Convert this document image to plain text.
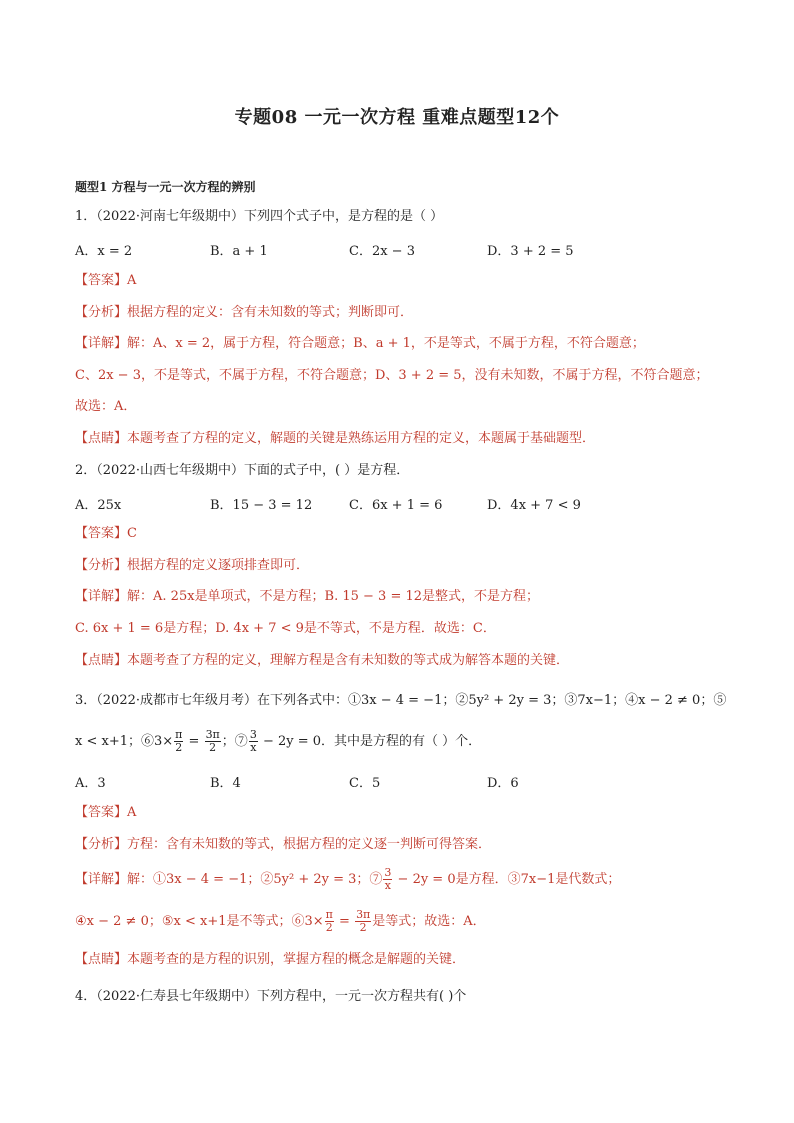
专题08 一元一次方程 重难点题型12个
题型1 方程与一元一次方程的辨别
1．（2022·河南七年级期中）下列四个式子中，是方程的是（ ）
A．x = 2	B．a + 1	C．2x − 3	D．3 + 2 = 5
【答案】A
【分析】根据方程的定义：含有未知数的等式；判断即可．
【详解】解：A、x = 2，属于方程，符合题意；B、a + 1，不是等式，不属于方程，不符合题意；
C、2x − 3，不是等式，不属于方程，不符合题意；D、3 + 2 = 5，没有未知数，不属于方程，不符合题意；
故选：A．
【点睛】本题考查了方程的定义，解题的关键是熟练运用方程的定义，本题属于基础题型．
2．（2022·山西七年级期中）下面的式子中，( ）是方程．
A．25x	B．15 − 3 = 12	C．6x + 1 = 6	D．4x + 7 < 9
【答案】C
【分析】根据方程的定义逐项排查即可．
【详解】解：A. 25x是单项式，不是方程；B. 15 − 3 = 12是整式，不是方程；
C. 6x + 1 = 6是方程；D. 4x + 7 < 9是不等式，不是方程．故选：C．
【点睛】本题考查了方程的定义，理解方程是含有未知数的等式成为解答本题的关键．
3．（2022·成都市七年级月考）在下列各式中：①3x − 4 = −1；②5y² + 2y = 3；③7x−1；④x − 2 ≠ 0；⑤
x < x+1；⑥3× $\frac{\pi}{2} = \frac{3\pi}{2}$ ；⑦ $\frac{3}{x} - 2y = 0$．其中是方程的有（ ）个．
A．3	B．4	C．5	D．6
【答案】A
【分析】方程：含有未知数的等式，根据方程的定义逐一判断可得答案．
【详解】解：①3x − 4 = −1；②5y² + 2y = 3；⑦ $\frac{3}{x} - 2y = 0$是方程．③7x−1是代数式；
④x − 2 ≠ 0；⑤x < x+1是不等式；⑥3× $\frac{\pi}{2} = \frac{3\pi}{2}$ 是等式；故选：A．
【点睛】本题考查的是方程的识别，掌握方程的概念是解题的关键．
4．（2022·仁寿县七年级期中）下列方程中，一元一次方程共有( )个
